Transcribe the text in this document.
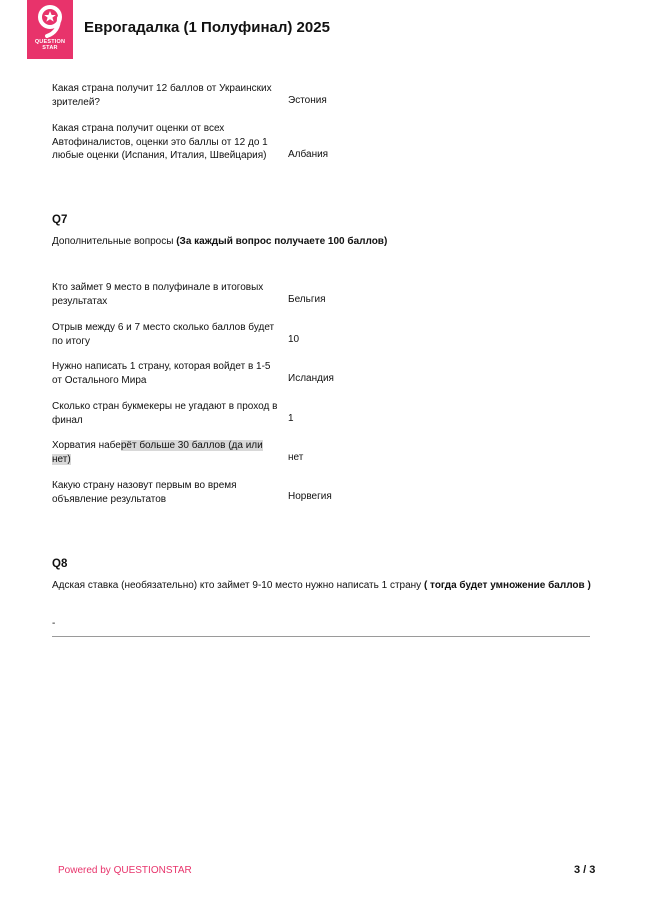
QUESTION
STAR
Еврогадалка (1 Полуфинал) 2025
Какая страна получит 12 баллов от Украинских зрителей?	Эстония
Какая страна получит оценки от всех Автофиналистов, оценки это баллы от 12 до 1 любые оценки (Испания, Италия, Швейцария)	Албания
Q7
Дополнительные вопросы (За каждый вопрос получаете 100 баллов)
Кто займет 9 место в полуфинале в итоговых результатах	Бельгия
Отрыв между 6 и 7 место сколько баллов будет по итогу	10
Нужно написать 1 страну, которая войдет в 1-5 от Остального Мира	Исландия
Сколько стран букмекеры не угадают в проход в финал	1
Хорватия наберёт больше 30 баллов (да или нет)	нет
Какую страну назовут первым во время объявление результатов	Норвегия
Q8
Адская ставка (необязательно) кто займет 9-10 место нужно написать 1 страну ( тогда будет умножение баллов )
-
Powered by QUESTIONSTAR	3 / 3
